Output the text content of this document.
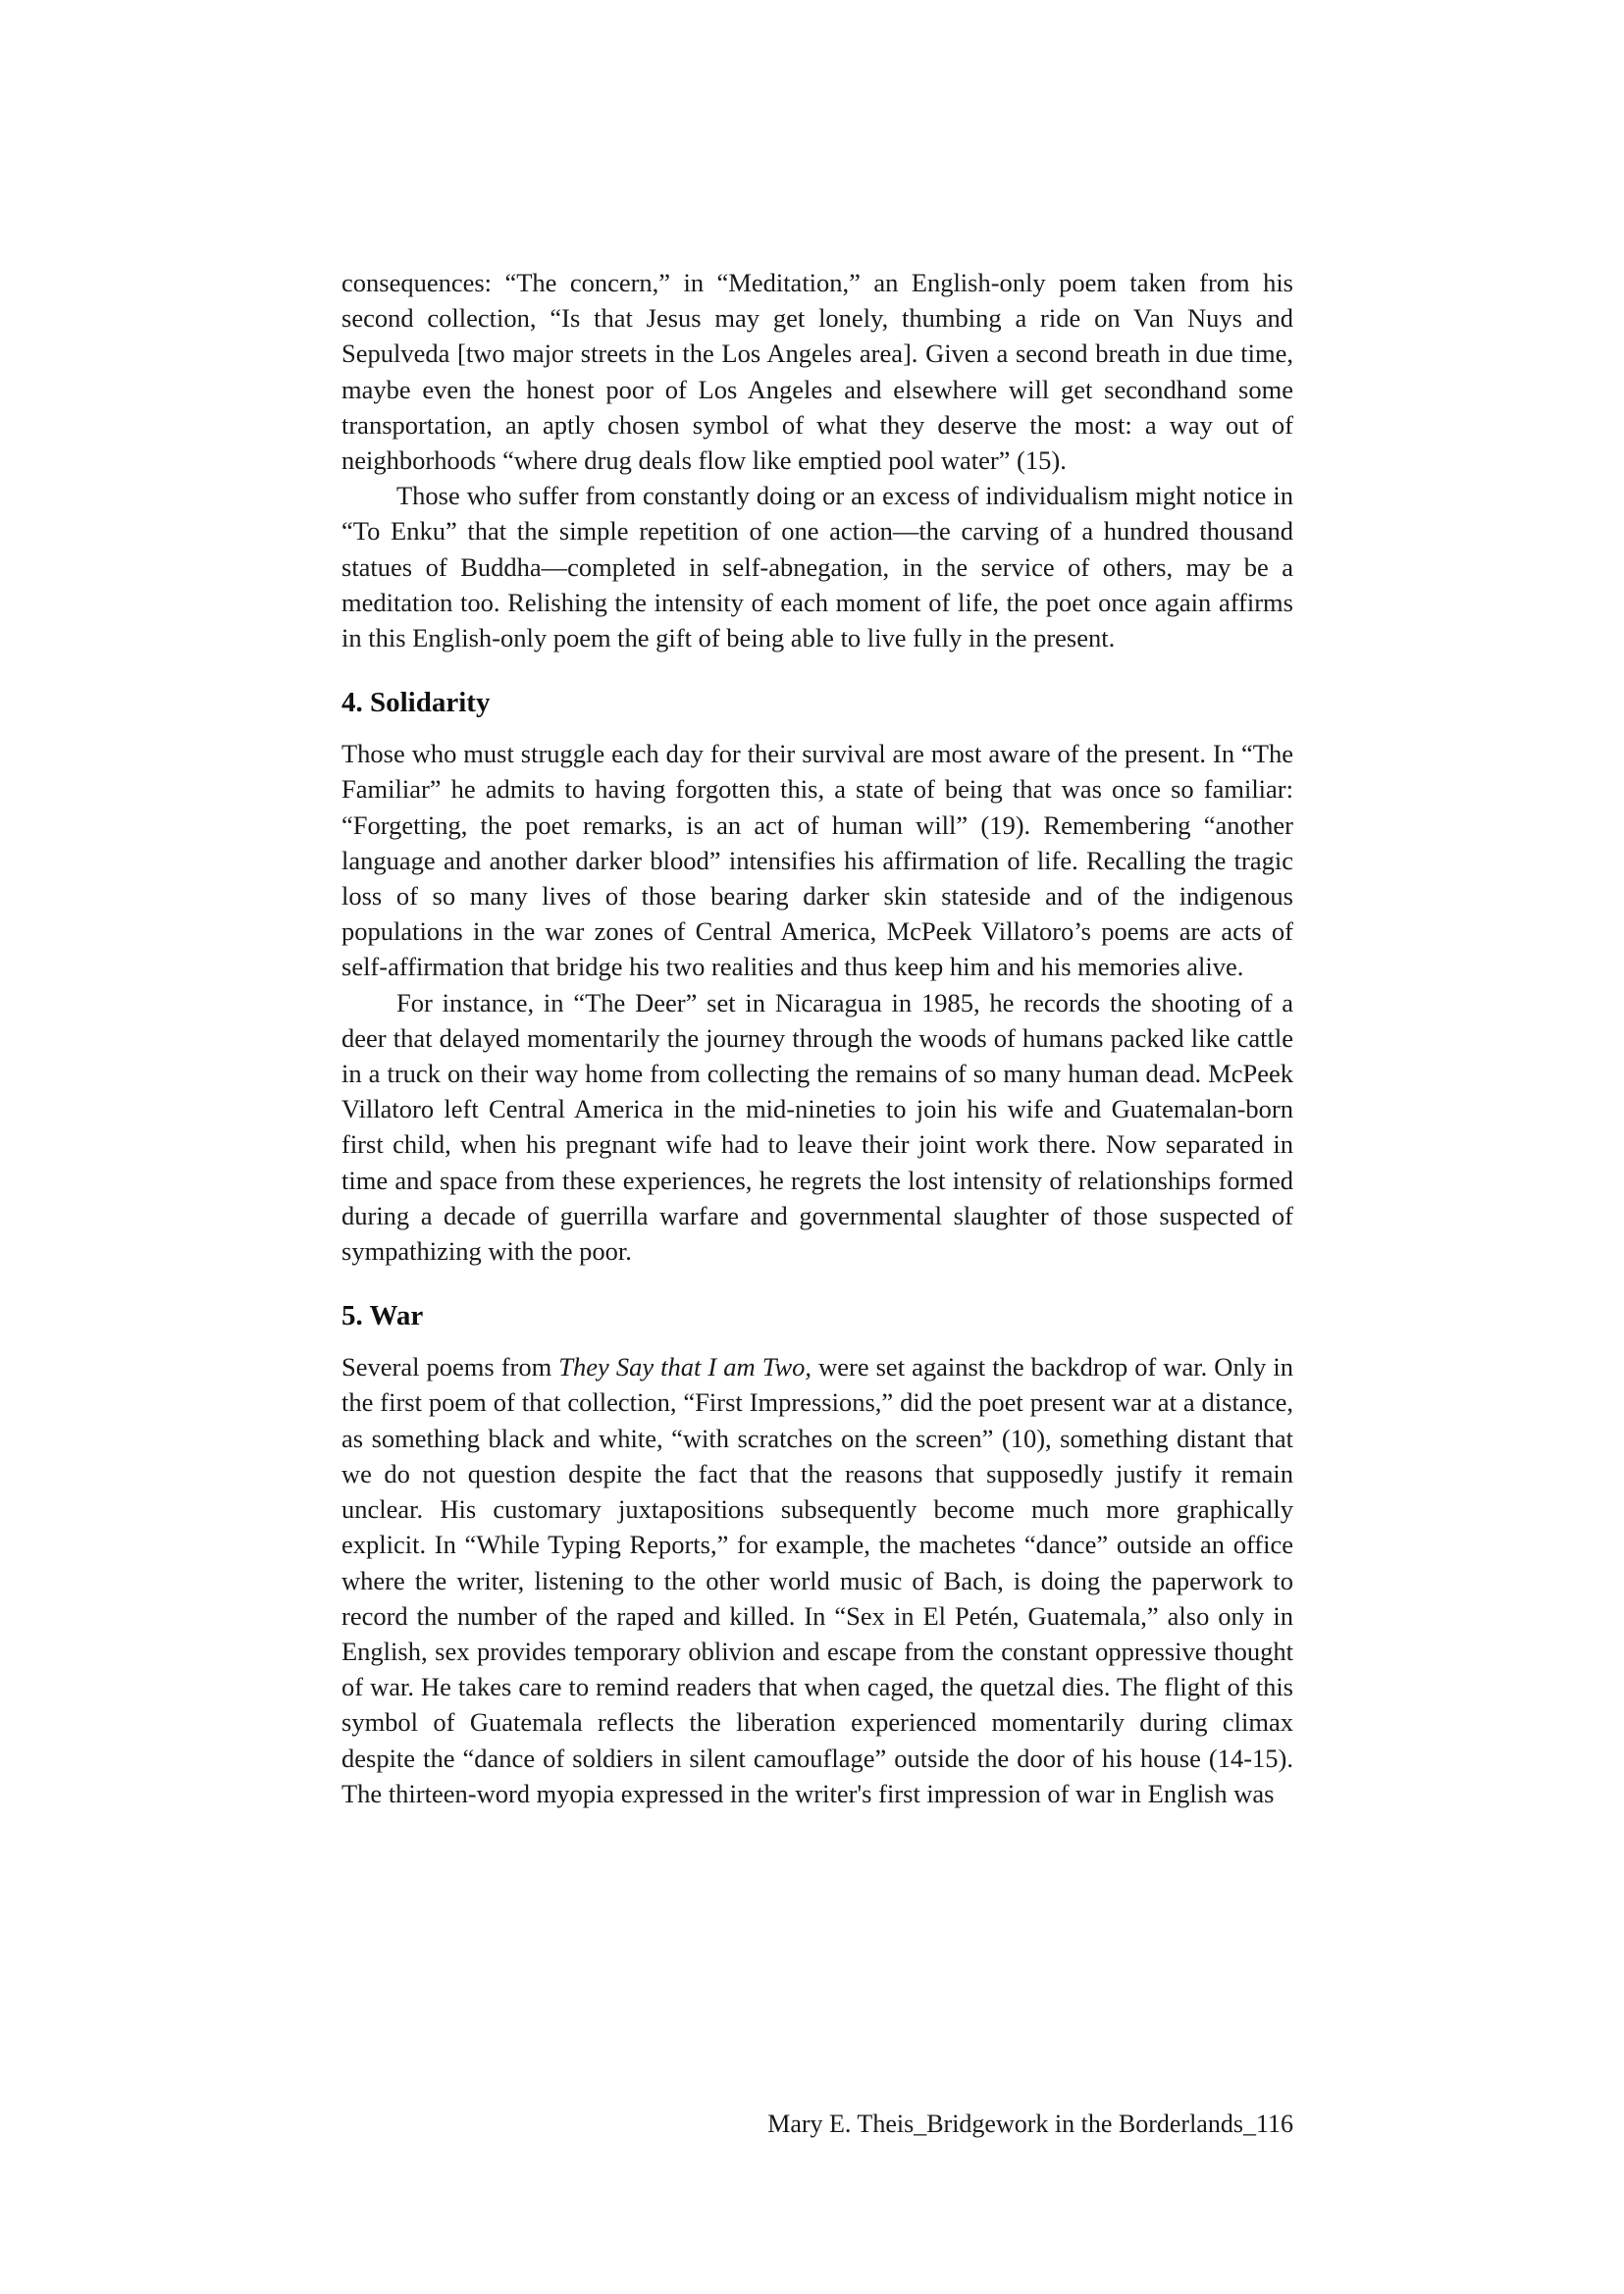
consequences: “The concern,” in “Meditation,” an English-only poem taken from his second collection, “Is that Jesus may get lonely, thumbing a ride on Van Nuys and Sepulveda [two major streets in the Los Angeles area]. Given a second breath in due time, maybe even the honest poor of Los Angeles and elsewhere will get secondhand some transportation, an aptly chosen symbol of what they deserve the most: a way out of neighborhoods “where drug deals flow like emptied pool water” (15).

Those who suffer from constantly doing or an excess of individualism might notice in “To Enku” that the simple repetition of one action—the carving of a hundred thousand statues of Buddha—completed in self-abnegation, in the service of others, may be a meditation too. Relishing the intensity of each moment of life, the poet once again affirms in this English-only poem the gift of being able to live fully in the present.

4. Solidarity

Those who must struggle each day for their survival are most aware of the present. In “The Familiar” he admits to having forgotten this, a state of being that was once so familiar: “Forgetting, the poet remarks, is an act of human will” (19). Remembering “another language and another darker blood” intensifies his affirmation of life. Recalling the tragic loss of so many lives of those bearing darker skin stateside and of the indigenous populations in the war zones of Central America, McPeek Villatoro’s poems are acts of self-affirmation that bridge his two realities and thus keep him and his memories alive.

For instance, in “The Deer” set in Nicaragua in 1985, he records the shooting of a deer that delayed momentarily the journey through the woods of humans packed like cattle in a truck on their way home from collecting the remains of so many human dead. McPeek Villatoro left Central America in the mid-nineties to join his wife and Guatemalan-born first child, when his pregnant wife had to leave their joint work there. Now separated in time and space from these experiences, he regrets the lost intensity of relationships formed during a decade of guerrilla warfare and governmental slaughter of those suspected of sympathizing with the poor.

5. War

Several poems from They Say that I am Two, were set against the backdrop of war. Only in the first poem of that collection, “First Impressions,” did the poet present war at a distance, as something black and white, “with scratches on the screen” (10), something distant that we do not question despite the fact that the reasons that supposedly justify it remain unclear. His customary juxtapositions subsequently become much more graphically explicit. In “While Typing Reports,” for example, the machetes “dance” outside an office where the writer, listening to the other world music of Bach, is doing the paperwork to record the number of the raped and killed. In “Sex in El Petén, Guatemala,” also only in English, sex provides temporary oblivion and escape from the constant oppressive thought of war. He takes care to remind readers that when caged, the quetzal dies. The flight of this symbol of Guatemala reflects the liberation experienced momentarily during climax despite the “dance of soldiers in silent camouflage” outside the door of his house (14-15). The thirteen-word myopia expressed in the writer's first impression of war in English was

Mary E. Theis_Bridgework in the Borderlands_116
